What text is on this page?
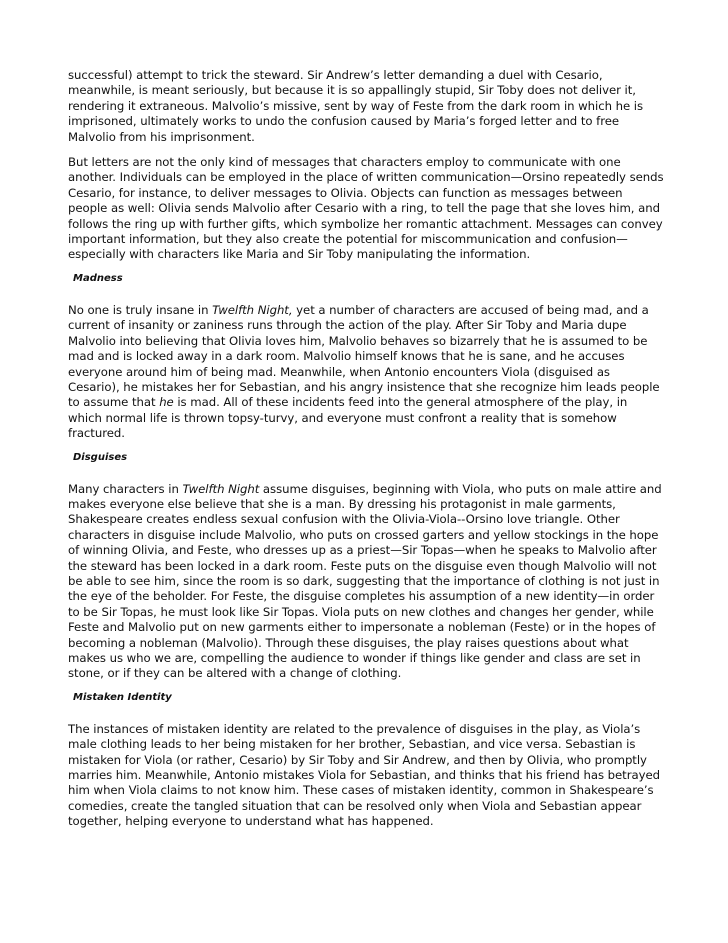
successful) attempt to trick the steward. Sir Andrew’s letter demanding a duel with Cesario, meanwhile, is meant seriously, but because it is so appallingly stupid, Sir Toby does not deliver it, rendering it extraneous. Malvolio’s missive, sent by way of Feste from the dark room in which he is imprisoned, ultimately works to undo the confusion caused by Maria’s forged letter and to free Malvolio from his imprisonment.

But letters are not the only kind of messages that characters employ to communicate with one another. Individuals can be employed in the place of written communication—Orsino repeatedly sends Cesario, for instance, to deliver messages to Olivia. Objects can function as messages between people as well: Olivia sends Malvolio after Cesario with a ring, to tell the page that she loves him, and follows the ring up with further gifts, which symbolize her romantic attachment. Messages can convey important information, but they also create the potential for miscommunication and confusion—especially with characters like Maria and Sir Toby manipulating the information.

Madness

No one is truly insane in Twelfth Night, yet a number of characters are accused of being mad, and a current of insanity or zaniness runs through the action of the play. After Sir Toby and Maria dupe Malvolio into believing that Olivia loves him, Malvolio behaves so bizarrely that he is assumed to be mad and is locked away in a dark room. Malvolio himself knows that he is sane, and he accuses everyone around him of being mad. Meanwhile, when Antonio encounters Viola (disguised as Cesario), he mistakes her for Sebastian, and his angry insistence that she recognize him leads people to assume that he is mad. All of these incidents feed into the general atmosphere of the play, in which normal life is thrown topsy-turvy, and everyone must confront a reality that is somehow fractured.

Disguises

Many characters in Twelfth Night assume disguises, beginning with Viola, who puts on male attire and makes everyone else believe that she is a man. By dressing his protagonist in male garments, Shakespeare creates endless sexual confusion with the Olivia-Viola--Orsino love triangle. Other characters in disguise include Malvolio, who puts on crossed garters and yellow stockings in the hope of winning Olivia, and Feste, who dresses up as a priest—Sir Topas—when he speaks to Malvolio after the steward has been locked in a dark room. Feste puts on the disguise even though Malvolio will not be able to see him, since the room is so dark, suggesting that the importance of clothing is not just in the eye of the beholder. For Feste, the disguise completes his assumption of a new identity—in order to be Sir Topas, he must look like Sir Topas. Viola puts on new clothes and changes her gender, while Feste and Malvolio put on new garments either to impersonate a nobleman (Feste) or in the hopes of becoming a nobleman (Malvolio). Through these disguises, the play raises questions about what makes us who we are, compelling the audience to wonder if things like gender and class are set in stone, or if they can be altered with a change of clothing.

Mistaken Identity

The instances of mistaken identity are related to the prevalence of disguises in the play, as Viola’s male clothing leads to her being mistaken for her brother, Sebastian, and vice versa. Sebastian is mistaken for Viola (or rather, Cesario) by Sir Toby and Sir Andrew, and then by Olivia, who promptly marries him. Meanwhile, Antonio mistakes Viola for Sebastian, and thinks that his friend has betrayed him when Viola claims to not know him. These cases of mistaken identity, common in Shakespeare’s comedies, create the tangled situation that can be resolved only when Viola and Sebastian appear together, helping everyone to understand what has happened.
